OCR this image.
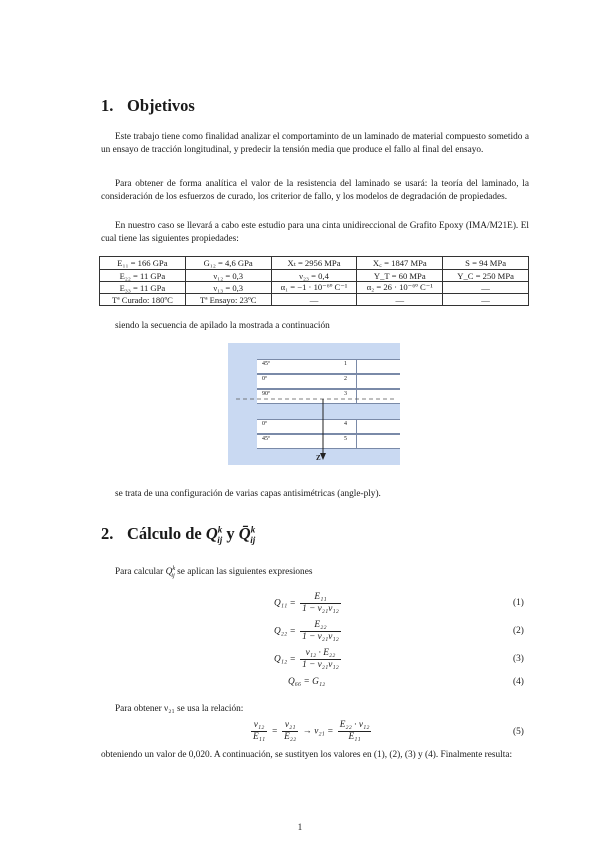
1. Objetivos
Este trabajo tiene como finalidad analizar el comportaminto de un laminado de material compuesto sometido a un ensayo de tracción longitudinal, y predecir la tensión media que produce el fallo al final del ensayo.
Para obtener de forma analítica el valor de la resistencia del laminado se usará: la teoría del laminado, la consideración de los esfuerzos de curado, los criterior de fallo, y los modelos de degradación de propiedades.
En nuestro caso se llevará a cabo este estudio para una cinta unidireccional de Grafito Epoxy (IMA/M21E). El cual tiene las siguientes propiedades:
E₁₁ = 166 GPa	G₁₂ = 4,6 GPa	Xₜ = 2956 MPa	X꜀ = 1847 MPa	S = 94 MPa
E₂₂ = 11 GPa	ν₁₂ = 0,3	ν₂₃ = 0,4	Y_T = 60 MPa	Y_C = 250 MPa
E₃₃ = 11 GPa	ν₁₃ = 0,3	α₁ = −1 · 10⁻⁶º C⁻¹	α₂ = 26 · 10⁻⁶º C⁻¹	—
Tª Curado: 180ºC	Tª Ensayo: 23ºC	—	—	—
siendo la secuencia de apilado la mostrada a continuación
45º	1
0º	2
90º	3
0º	4
45º	5
Z
se trata de una configuración de varias capas antisimétricas (angle-ply).
2. Cálculo de $Q^k_{ij}$ y Q̄$^k_{ij}$
Para calcular $Q^k_{ij}$ se aplican las siguientes expresiones
$Q_{11} = \frac{\text{E₁₁}}{\text{1 − ν₂₁ν₁₂}}$	(1)
$Q_{22} = \frac{\text{E₂₂}}{\text{1 − ν₂₁ν₁₂}}$	(2)
$Q_{12} = \frac{\text{ν₁₂ · E₂₂}}{\text{1 − ν₂₁ν₁₂}}$	(3)
Q₆₆ = G₁₂	(4)
Para obtener ν₂₁ se usa la relación:
$\frac{\text{ν₁₂}}{\text{E₁₁}} = \frac{\text{ν₂₁}}{\text{E₂₂}} \to \nu_{21} = \frac{\text{E₂₂ · ν₁₂}}{\text{E₁₁}}$	(5)
obteniendo un valor de 0,020. A continuación, se sustityen los valores en (1), (2), (3) y (4). Finalmente resulta:
1
